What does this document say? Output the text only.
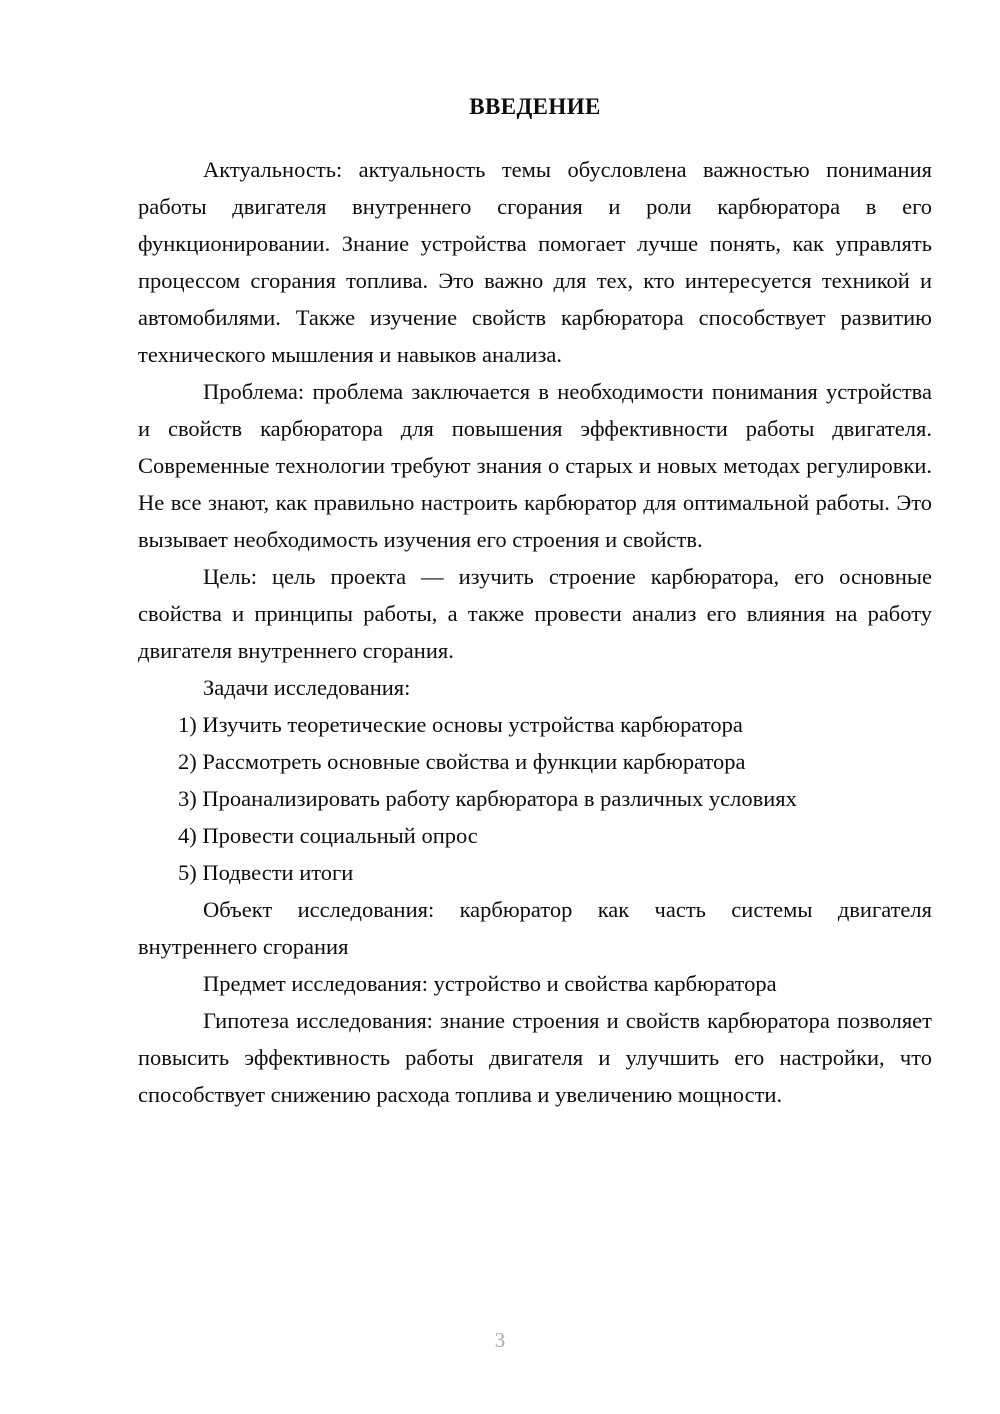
ВВЕДЕНИЕ

Актуальность: актуальность темы обусловлена важностью понимания работы двигателя внутреннего сгорания и роли карбюратора в его функционировании. Знание устройства помогает лучше понять, как управлять процессом сгорания топлива. Это важно для тех, кто интересуется техникой и автомобилями. Также изучение свойств карбюратора способствует развитию технического мышления и навыков анализа.

Проблема: проблема заключается в необходимости понимания устройства и свойств карбюратора для повышения эффективности работы двигателя. Современные технологии требуют знания о старых и новых методах регулировки. Не все знают, как правильно настроить карбюратор для оптимальной работы. Это вызывает необходимость изучения его строения и свойств.

Цель: цель проекта — изучить строение карбюратора, его основные свойства и принципы работы, а также провести анализ его влияния на работу двигателя внутреннего сгорания.

Задачи исследования:

1) Изучить теоретические основы устройства карбюратора
2) Рассмотреть основные свойства и функции карбюратора
3) Проанализировать работу карбюратора в различных условиях
4) Провести социальный опрос
5) Подвести итоги

Объект исследования: карбюратор как часть системы двигателя внутреннего сгорания

Предмет исследования: устройство и свойства карбюратора

Гипотеза исследования: знание строения и свойств карбюратора позволяет повысить эффективность работы двигателя и улучшить его настройки, что способствует снижению расхода топлива и увеличению мощности.

3
